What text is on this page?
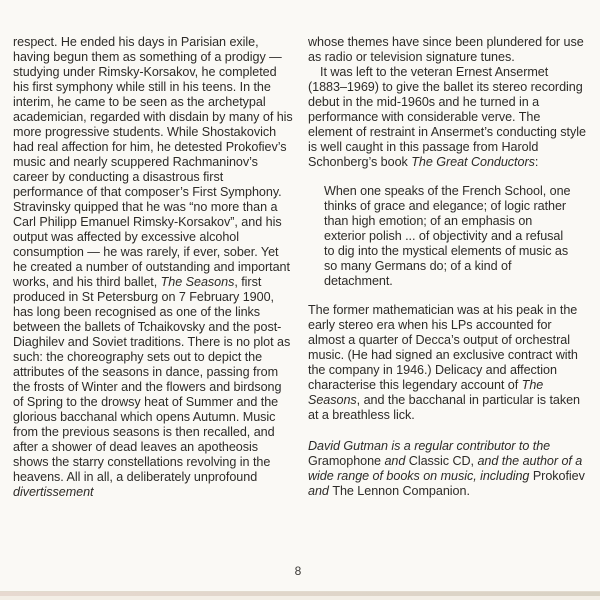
respect. He ended his days in Parisian exile, having begun them as something of a prodigy — studying under Rimsky-Korsakov, he completed his first symphony while still in his teens. In the interim, he came to be seen as the archetypal academician, regarded with disdain by many of his more progressive students. While Shostakovich had real affection for him, he detested Prokofiev’s music and nearly scuppered Rachmaninov’s career by conducting a disastrous first performance of that composer’s First Symphony. Stravinsky quipped that he was “no more than a Carl Philipp Emanuel Rimsky-Korsakov”, and his output was affected by excessive alcohol consumption — he was rarely, if ever, sober. Yet he created a number of outstanding and important works, and his third ballet, The Seasons, first produced in St Petersburg on 7 February 1900, has long been recognised as one of the links between the ballets of Tchaikovsky and the post-Diaghilev and Soviet traditions. There is no plot as such: the choreography sets out to depict the attributes of the seasons in dance, passing from the frosts of Winter and the flowers and birdsong of Spring to the drowsy heat of Summer and the glorious bacchanal which opens Autumn. Music from the previous seasons is then recalled, and after a shower of dead leaves an apotheosis shows the starry constellations revolving in the heavens. All in all, a deliberately unprofound divertissement

whose themes have since been plundered for use as radio or television signature tunes.

It was left to the veteran Ernest Ansermet (1883–1969) to give the ballet its stereo recording debut in the mid-1960s and he turned in a performance with considerable verve. The element of restraint in Ansermet’s conducting style is well caught in this passage from Harold Schonberg’s book The Great Conductors:

When one speaks of the French School, one thinks of grace and elegance; of logic rather than high emotion; of an emphasis on exterior polish ... of objectivity and a refusal to dig into the mystical elements of music as so many Germans do; of a kind of detachment.

The former mathematician was at his peak in the early stereo era when his LPs accounted for almost a quarter of Decca’s output of orchestral music. (He had signed an exclusive contract with the company in 1946.) Delicacy and affection characterise this legendary account of The Seasons, and the bacchanal in particular is taken at a breathless lick.

David Gutman is a regular contributor to the Gramophone and Classic CD, and the author of a wide range of books on music, including Prokofiev and The Lennon Companion.

8
